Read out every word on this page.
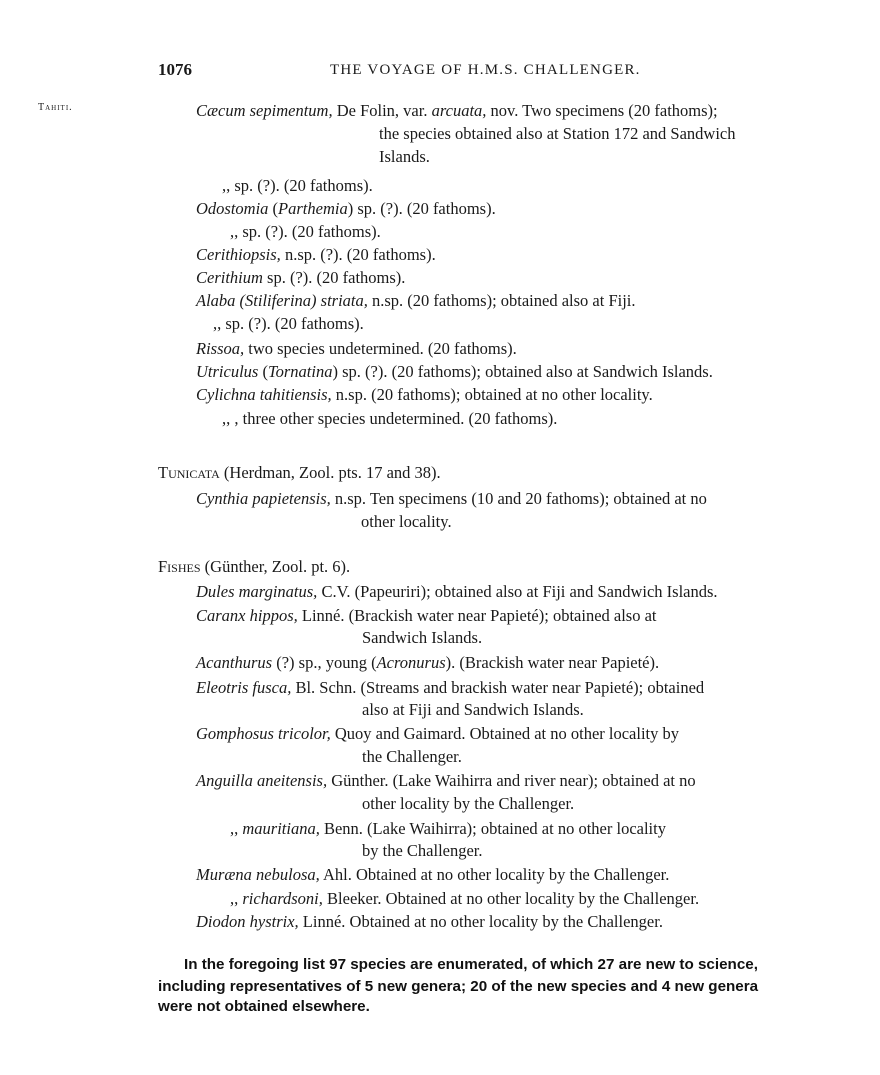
1076	THE VOYAGE OF H.M.S. CHALLENGER.
Tahiti.	Cæcum sepimentum, De Folin, var. arcuata, nov. Two specimens (20 fathoms);
the species obtained also at Station 172 and Sandwich
Islands.
,, sp. (?). (20 fathoms).
Odostomia (Parthemia) sp. (?). (20 fathoms).
,, sp. (?). (20 fathoms).
Cerithiopsis, n.sp. (?). (20 fathoms).
Cerithium sp. (?). (20 fathoms).
Alaba (Stiliferina) striata, n.sp. (20 fathoms); obtained also at Fiji.
,, sp. (?). (20 fathoms).
Rissoa, two species undetermined. (20 fathoms).
Utriculus (Tornatina) sp. (?). (20 fathoms); obtained also at Sandwich Islands.
Cylichna tahitiensis, n.sp. (20 fathoms); obtained at no other locality.
,, , three other species undetermined. (20 fathoms).
Tunicata (Herdman, Zool. pts. 17 and 38).
Cynthia papietensis, n.sp. Ten specimens (10 and 20 fathoms); obtained at no
other locality.
Fishes (Günther, Zool. pt. 6).
Dules marginatus, C.V. (Papeuriri); obtained also at Fiji and Sandwich Islands.
Caranx hippos, Linné. (Brackish water near Papieté); obtained also at
Sandwich Islands.
Acanthurus (?) sp., young (Acronurus). (Brackish water near Papieté).
Eleotris fusca, Bl. Schn. (Streams and brackish water near Papieté); obtained
also at Fiji and Sandwich Islands.
Gomphosus tricolor, Quoy and Gaimard. Obtained at no other locality by
the Challenger.
Anguilla aneitensis, Günther. (Lake Waihirra and river near); obtained at no
other locality by the Challenger.
,, mauritiana, Benn. (Lake Waihirra); obtained at no other locality
by the Challenger.
Muræna nebulosa, Ahl. Obtained at no other locality by the Challenger.
,, richardsoni, Bleeker. Obtained at no other locality by the Challenger.
Diodon hystrix, Linné. Obtained at no other locality by the Challenger.
In the foregoing list 97 species are enumerated, of which 27 are new to science,
including representatives of 5 new genera; 20 of the new species and 4 new genera
were not obtained elsewhere.
